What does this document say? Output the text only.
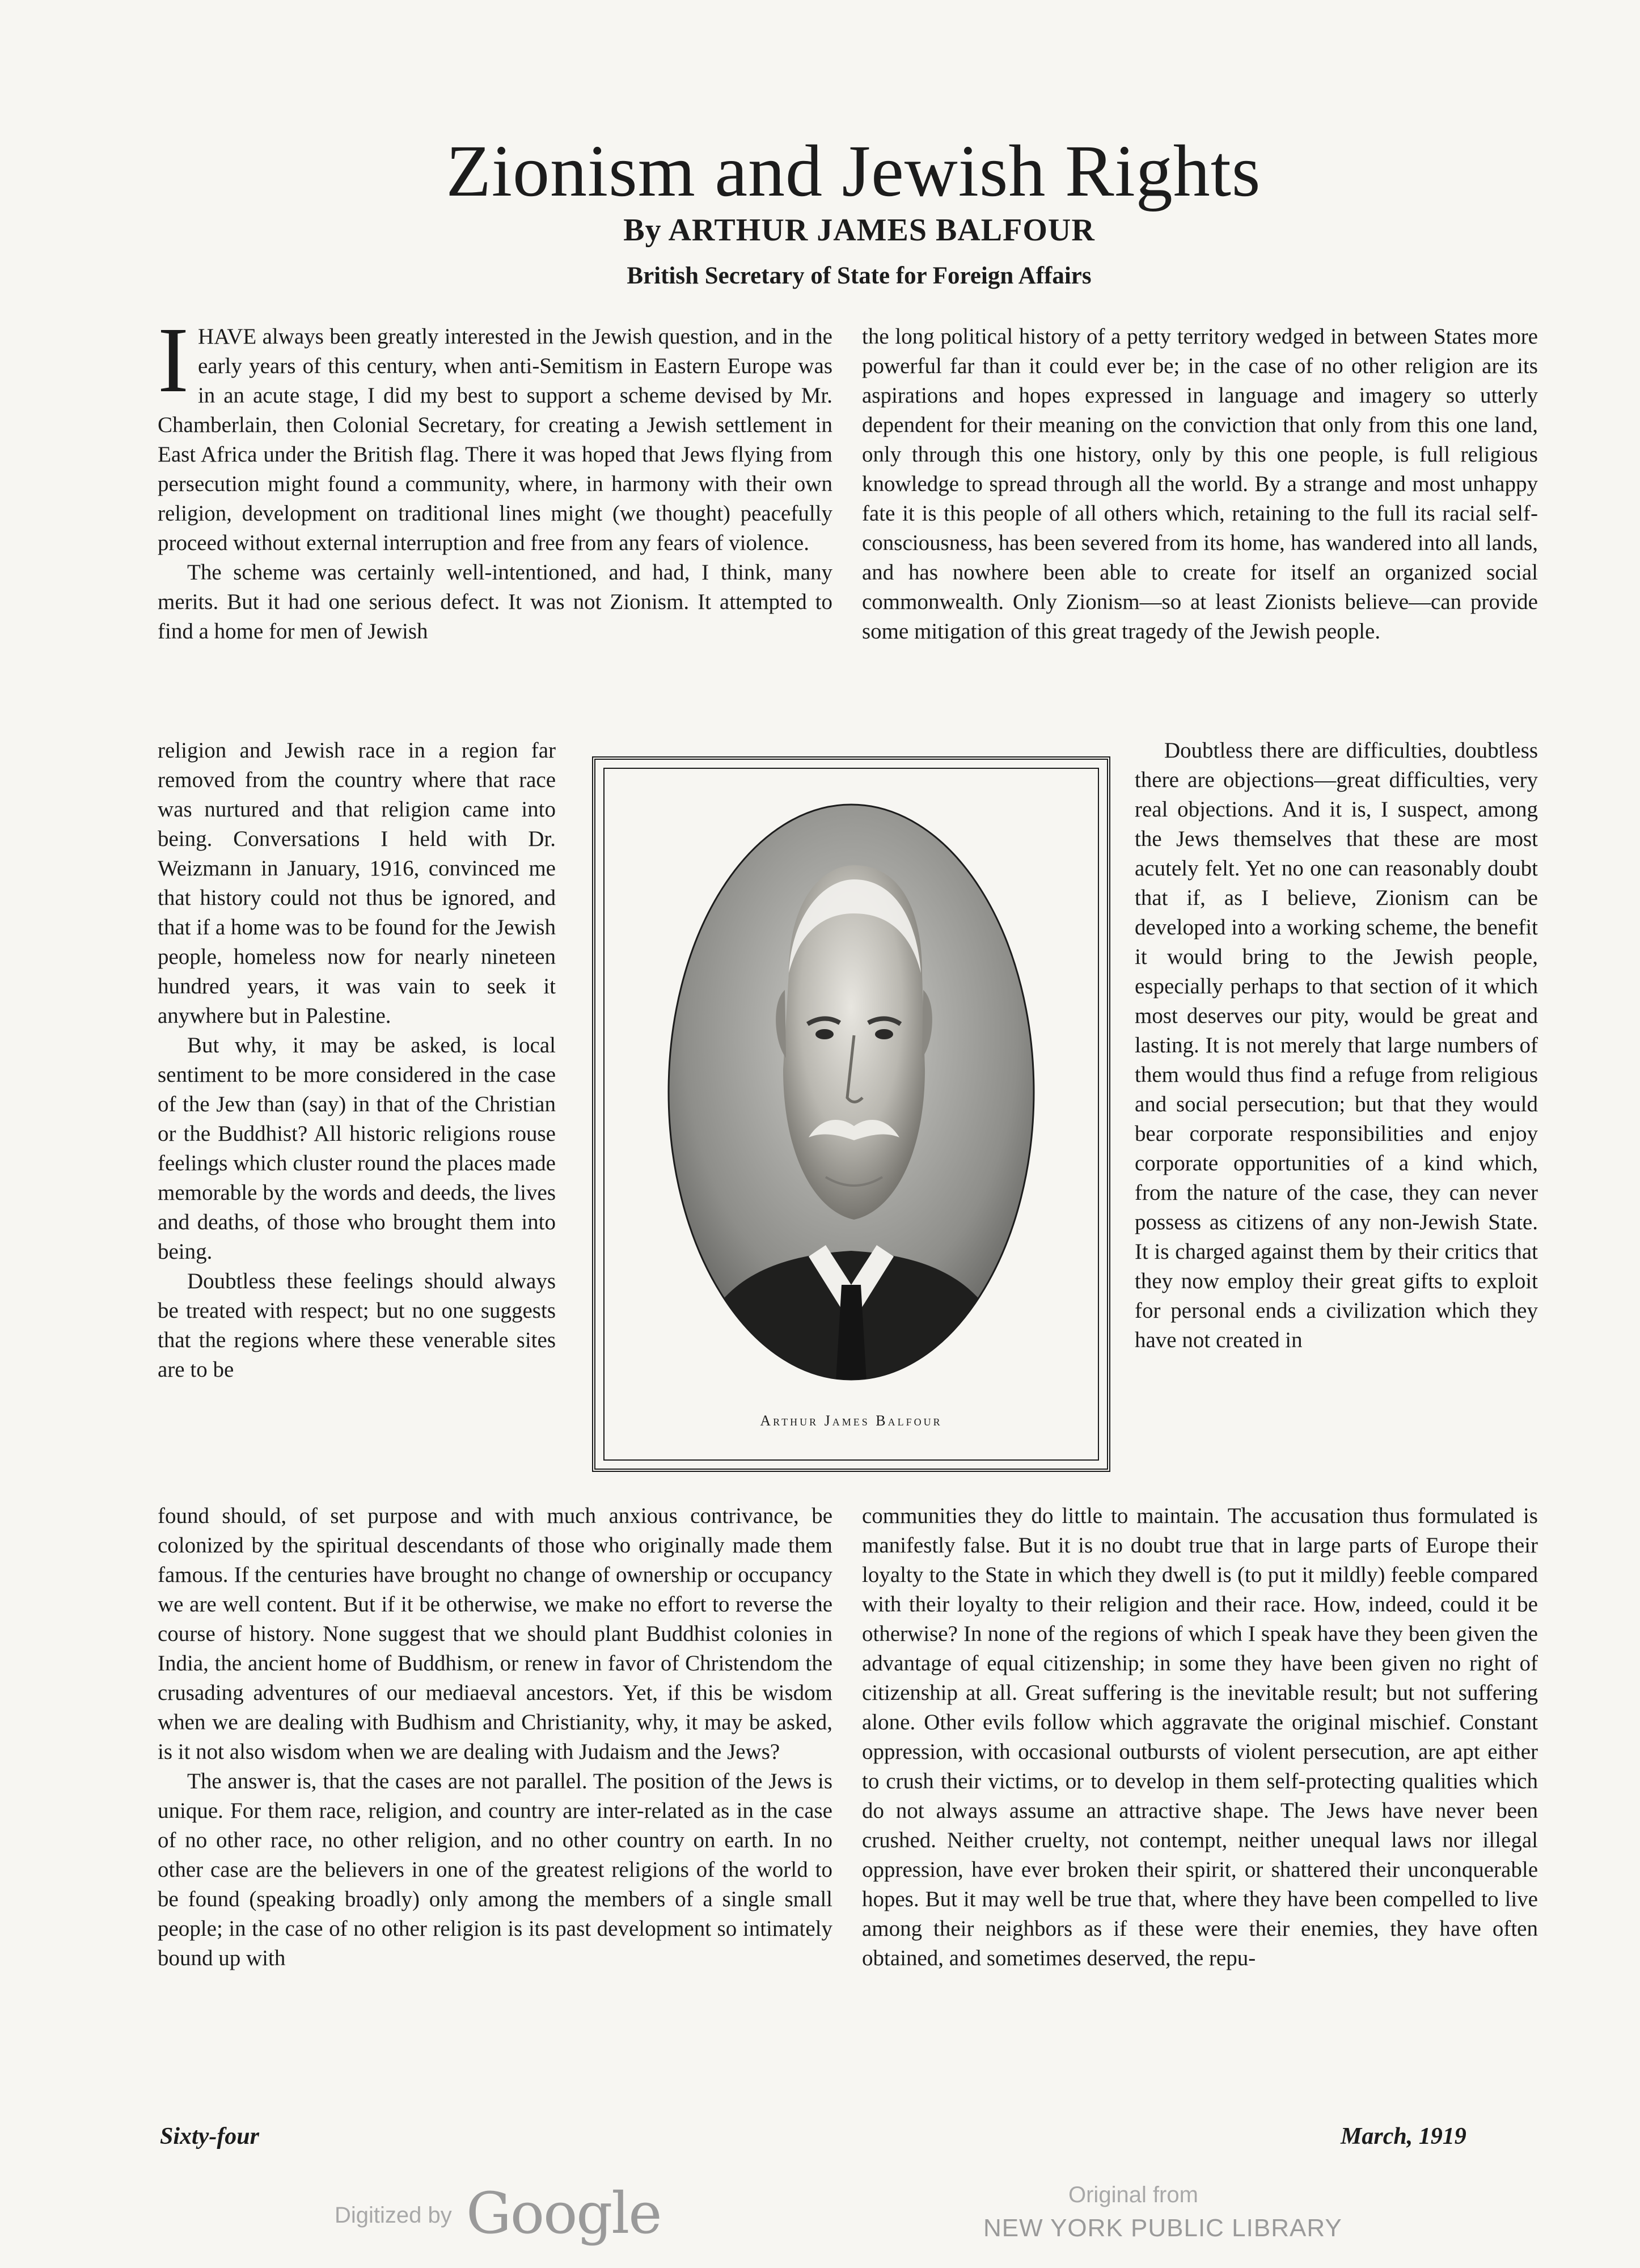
Zionism and Jewish Rights
By ARTHUR JAMES BALFOUR
British Secretary of State for Foreign Affairs
I HAVE always been greatly interested in the Jewish question, and in the early years of this century, when anti-Semitism in Eastern Europe was in an acute stage, I did my best to support a scheme devised by Mr. Chamberlain, then Colonial Secretary, for creating a Jewish settlement in East Africa under the British flag. There it was hoped that Jews flying from persecution might found a community, where, in harmony with their own religion, development on traditional lines might (we thought) peacefully proceed without external interruption and free from any fears of violence.

The scheme was certainly well-intentioned, and had, I think, many merits. But it had one serious defect. It was not Zionism. It attempted to find a home for men of Jewish

religion and Jewish race in a region far removed from the country where that race was nurtured and that religion came into being. Conversations I held with Dr. Weizmann in January, 1916, convinced me that history could not thus be ignored, and that if a home was to be found for the Jewish people, homeless now for nearly nineteen hundred years, it was vain to seek it anywhere but in Palestine.

But why, it may be asked, is local sentiment to be more considered in the case of the Jew than (say) in that of the Christian or the Buddhist? All historic religions rouse feelings which cluster round the places made memorable by the words and deeds, the lives and deaths, of those who brought them into being.

Doubtless these feelings should always be treated with respect; but no one suggests that the regions where these venerable sites are to be

found should, of set purpose and with much anxious contrivance, be colonized by the spiritual descendants of those who originally made them famous. If the centuries have brought no change of ownership or occupancy we are well content. But if it be otherwise, we make no effort to reverse the course of history. None suggest that we should plant Buddhist colonies in India, the ancient home of Buddhism, or renew in favor of Christendom the crusading adventures of our mediaeval ancestors. Yet, if this be wisdom when we are dealing with Budhism and Christianity, why, it may be asked, is it not also wisdom when we are dealing with Judaism and the Jews?

The answer is, that the cases are not parallel. The position of the Jews is unique. For them race, religion, and country are inter-related as in the case of no other race, no other religion, and no other country on earth. In no other case are the believers in one of the greatest religions of the world to be found (speaking broadly) only among the members of a single small people; in the case of no other religion is its past development so intimately bound up with

the long political history of a petty territory wedged in between States more powerful far than it could ever be; in the case of no other religion are its aspirations and hopes expressed in language and imagery so utterly dependent for their meaning on the conviction that only from this one land, only through this one history, only by this one people, is full religious knowledge to spread through all the world. By a strange and most unhappy fate it is this people of all others which, retaining to the full its racial self-consciousness, has been severed from its home, has wandered into all lands, and has nowhere been able to create for itself an organized social commonwealth. Only Zionism—so at least Zionists believe—can provide some mitigation of this great tragedy of the Jewish people.

Doubtless there are difficulties, doubtless there are objections—great difficulties, very real objections. And it is, I suspect, among the Jews themselves that these are most acutely felt. Yet no one can reasonably doubt that if, as I believe, Zionism can be developed into a working scheme, the benefit it would bring to the Jewish people, especially perhaps to that section of it which most deserves our pity, would be great and lasting. It is not merely that large numbers of them would thus find a refuge from religious and social persecution; but that they would bear corporate responsibilities and enjoy corporate opportunities of a kind which, from the nature of the case, they can never possess as citizens of any non-Jewish State. It is charged against them by their critics that they now employ their great gifts to exploit for personal ends a civilization which they have not created in

communities they do little to maintain. The accusation thus formulated is manifestly false. But it is no doubt true that in large parts of Europe their loyalty to the State in which they dwell is (to put it mildly) feeble compared with their loyalty to their religion and their race. How, indeed, could it be otherwise? In none of the regions of which I speak have they been given the advantage of equal citizenship; in some they have been given no right of citizenship at all. Great suffering is the inevitable result; but not suffering alone. Other evils follow which aggravate the original mischief. Constant oppression, with occasional outbursts of violent persecution, are apt either to crush their victims, or to develop in them self-protecting qualities which do not always assume an attractive shape. The Jews have never been crushed. Neither cruelty, not contempt, neither unequal laws nor illegal oppression, have ever broken their spirit, or shattered their unconquerable hopes. But it may well be true that, where they have been compelled to live among their neighbors as if these were their enemies, they have often obtained, and sometimes deserved, the repu-

Arthur James Balfour
Sixty-four	March, 1919
Digitized by Google	Original from
NEW YORK PUBLIC LIBRARY
